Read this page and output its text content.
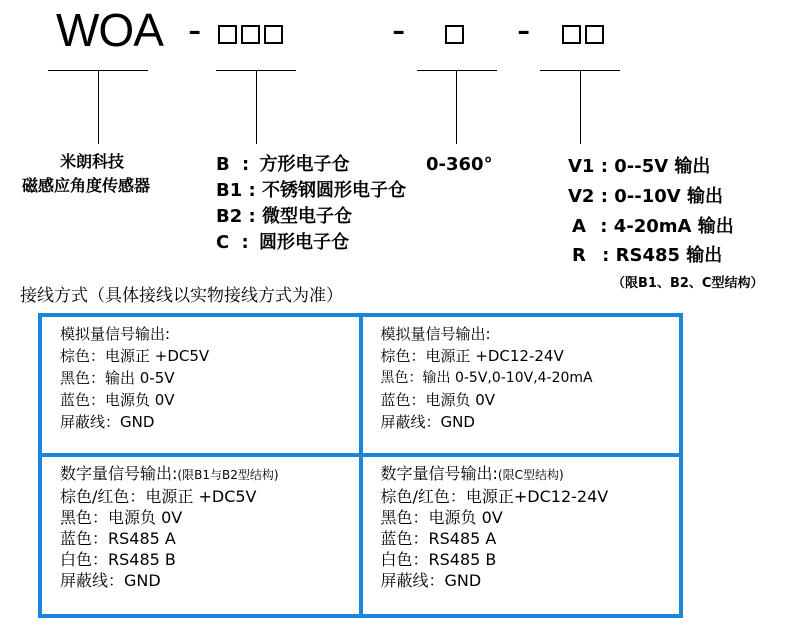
WOA -	-	-
米朗科技
磁感应角度传感器
B : 方形电子仓
B1 : 不锈钢圆形电子仓
B2 : 微型电子仓
C : 圆形电子仓
0-360°	V1 : 0--5V 输出
V2 : 0--10V 输出
A : 4-20mA 输出
R : RS485 输出
（限B1、B2、C型结构）
接线方式（具体接线以实物接线方式为准）
模拟量信号输出:
棕色：电源正 +DC5V
黑色：输出 0-5V
蓝色：电源负 0V
屏蔽线：GND
模拟量信号输出:
棕色：电源正 +DC12-24V
黑色：输出 0-5V,0-10V,4-20mA
蓝色：电源负 0V
屏蔽线：GND
数字量信号输出:(限B1与B2型结构)
棕色/红色：电源正 +DC5V
黑色：电源负 0V
蓝色：RS485 A
白色：RS485 B
屏蔽线：GND
数字量信号输出:(限C型结构)
棕色/红色：电源正+DC12-24V
黑色：电源负 0V
蓝色：RS485 A
白色：RS485 B
屏蔽线：GND
